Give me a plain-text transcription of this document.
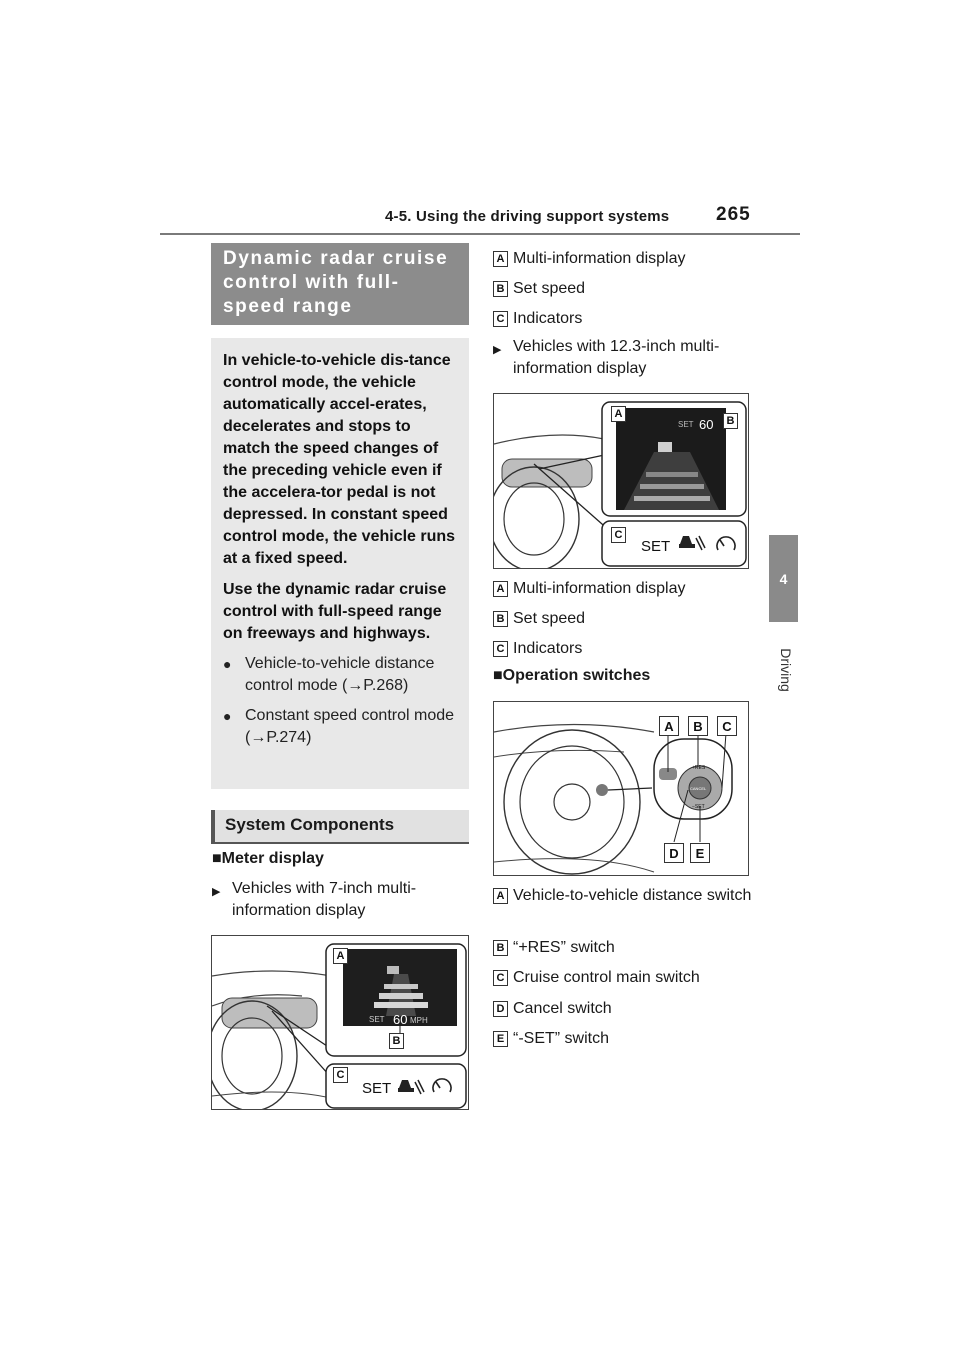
4-5. Using the driving support systems 265
4
Driving
Dynamic radar cruise control with full-speed range

In vehicle-to-vehicle dis-tance control mode, the vehicle automatically accel-erates, decelerates and stops to match the speed changes of the preceding vehicle even if the accelera-tor pedal is not depressed. In constant speed control mode, the vehicle runs at a fixed speed.

Use the dynamic radar cruise control with full-speed range on freeways and highways.

● Vehicle-to-vehicle distance control mode (→P.268)
● Constant speed control mode (→P.274)
System Components
■Meter display
▶ Vehicles with 7-inch multi-information display
SET 60 MPH
SET
A
B
C
A Multi-information display
B Set speed
C Indicators
▶ Vehicles with 12.3-inch multi-information display
SET 60
SET
A
B
C
A Multi-information display
B Set speed
C Indicators
■Operation switches
+RES
CANCEL
−SET
A	B	C
D	E
A Vehicle-to-vehicle distance switch
B “+RES” switch
C Cruise control main switch
D Cancel switch
E “-SET” switch
